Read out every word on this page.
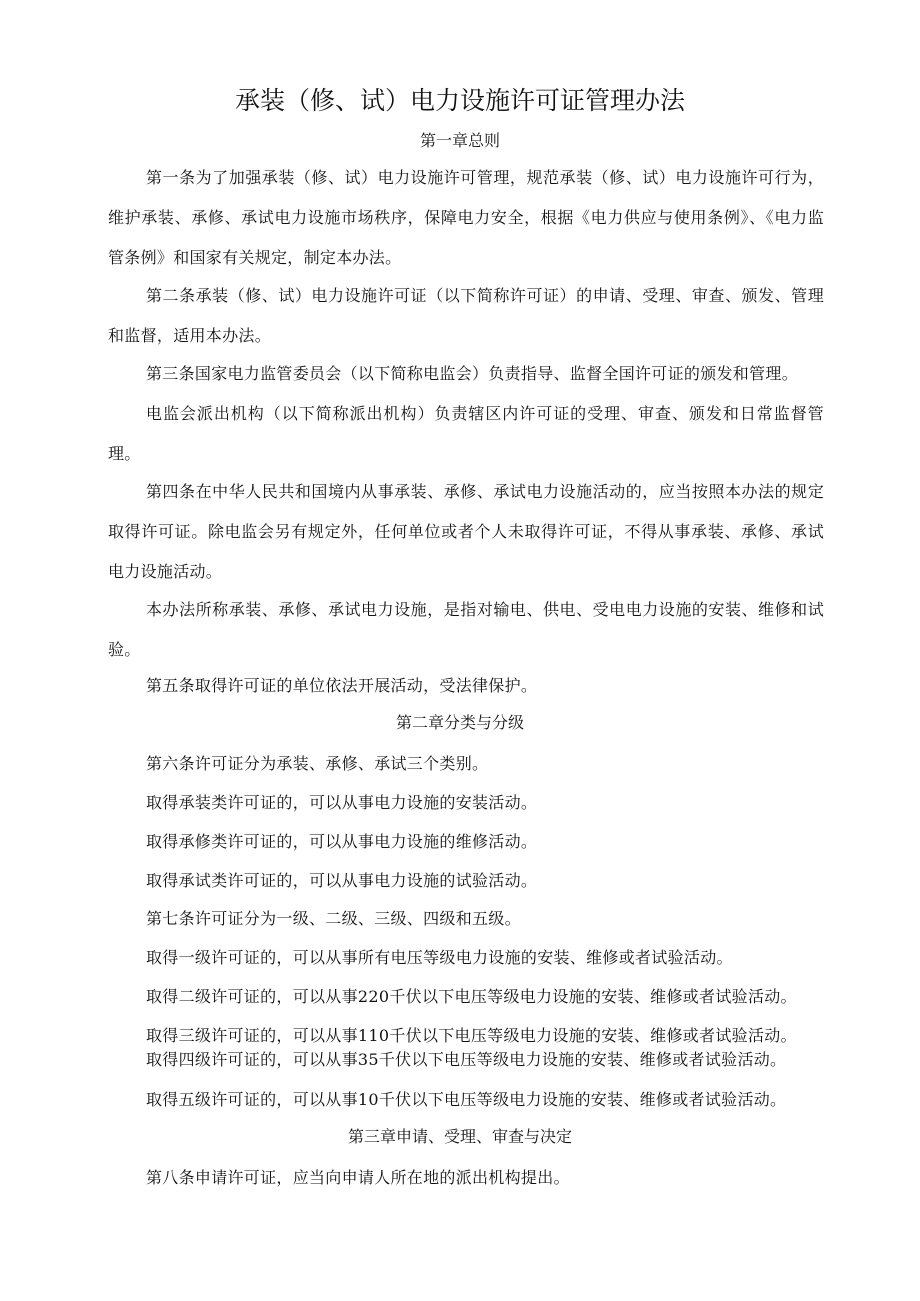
承装（修、试）电力设施许可证管理办法
第一章总则

第一条为了加强承装（修、试）电力设施许可管理，规范承装（修、试）电力设施许可行为，维护承装、承修、承试电力设施市场秩序，保障电力安全，根据《电力供应与使用条例》、《电力监管条例》和国家有关规定，制定本办法。

第二条承装（修、试）电力设施许可证（以下简称许可证）的申请、受理、审查、颁发、管理和监督，适用本办法。

第三条国家电力监管委员会（以下简称电监会）负责指导、监督全国许可证的颁发和管理。

电监会派出机构（以下简称派出机构）负责辖区内许可证的受理、审查、颁发和日常监督管理。

第四条在中华人民共和国境内从事承装、承修、承试电力设施活动的，应当按照本办法的规定取得许可证。除电监会另有规定外，任何单位或者个人未取得许可证，不得从事承装、承修、承试电力设施活动。

本办法所称承装、承修、承试电力设施，是指对输电、供电、受电电力设施的安装、维修和试验。

第五条取得许可证的单位依法开展活动，受法律保护。

第二章分类与分级

第六条许可证分为承装、承修、承试三个类别。

取得承装类许可证的，可以从事电力设施的安装活动。

取得承修类许可证的，可以从事电力设施的维修活动。

取得承试类许可证的，可以从事电力设施的试验活动。

第七条许可证分为一级、二级、三级、四级和五级。

取得一级许可证的，可以从事所有电压等级电力设施的安装、维修或者试验活动。

取得二级许可证的，可以从事220千伏以下电压等级电力设施的安装、维修或者试验活动。

取得三级许可证的，可以从事110千伏以下电压等级电力设施的安装、维修或者试验活动。

取得四级许可证的，可以从事35千伏以下电压等级电力设施的安装、维修或者试验活动。

取得五级许可证的，可以从事10千伏以下电压等级电力设施的安装、维修或者试验活动。

第三章申请、受理、审查与决定

第八条申请许可证，应当向申请人所在地的派出机构提出。
